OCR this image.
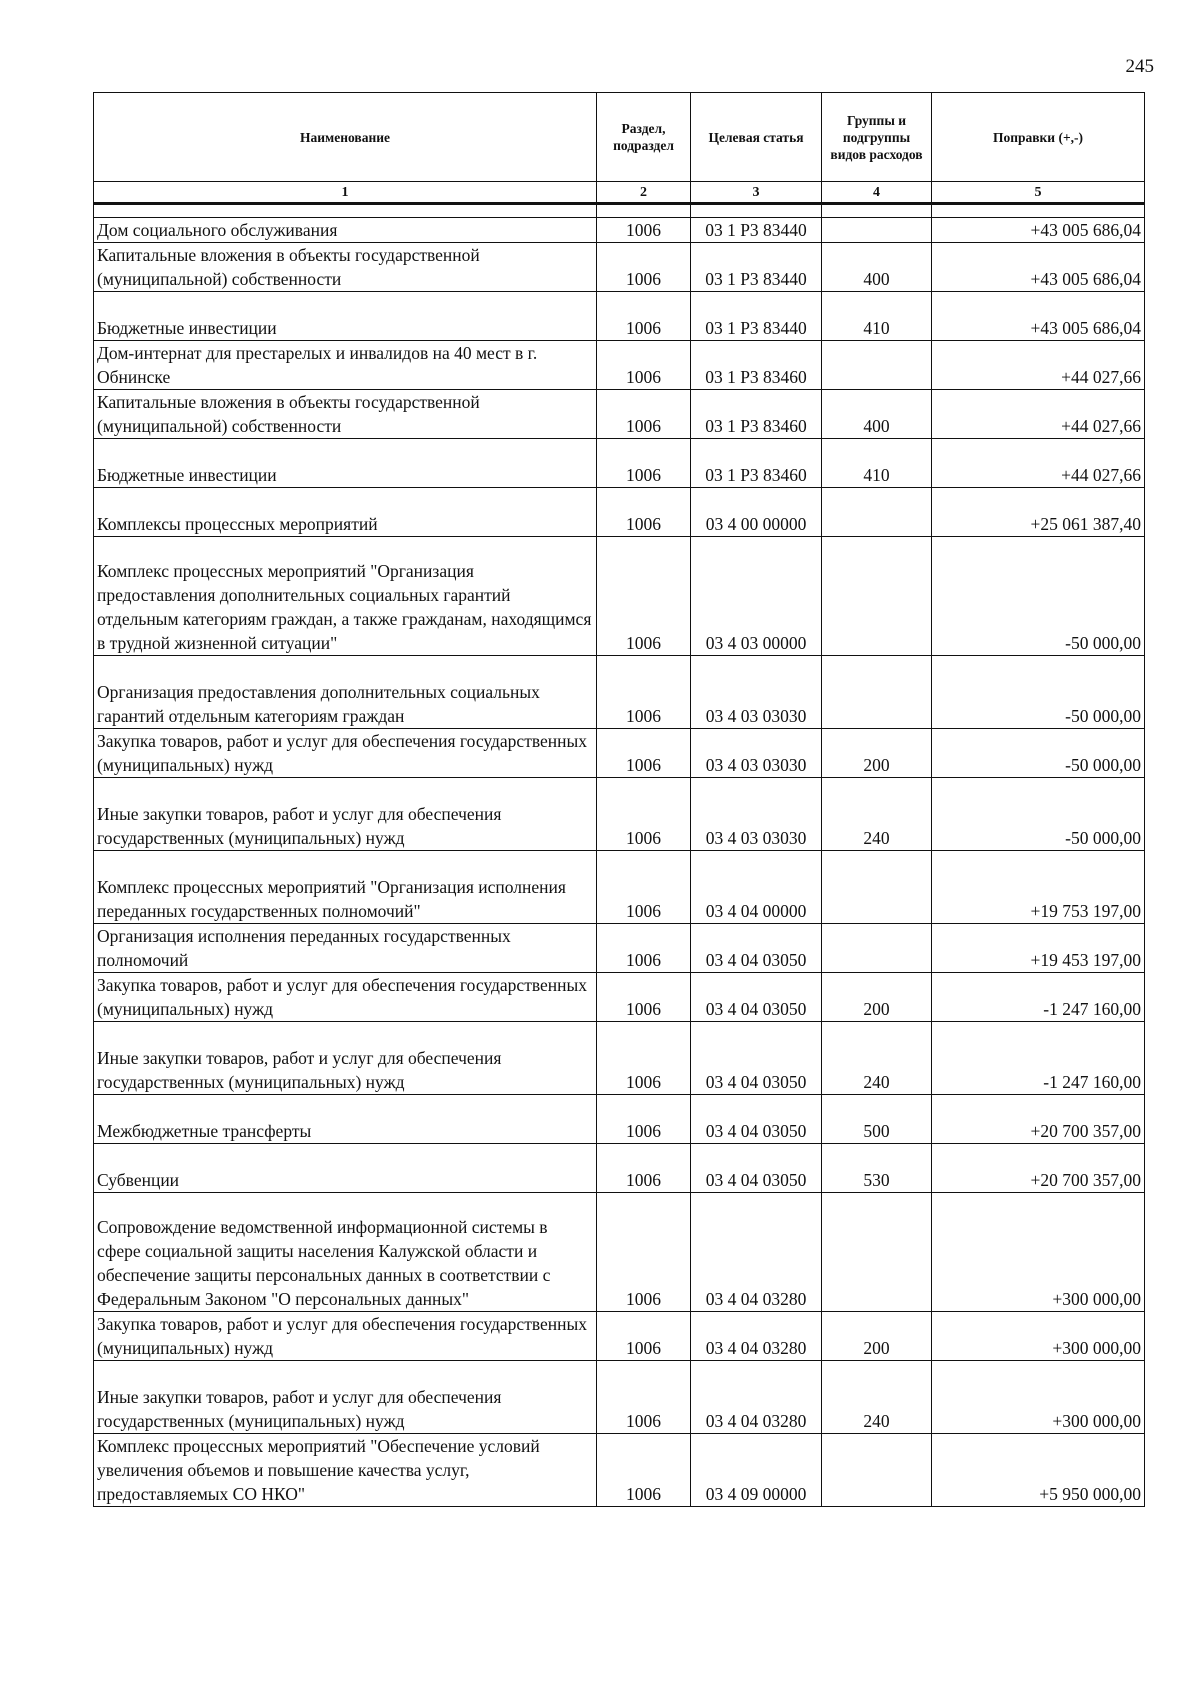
245
Наименование	Раздел, подраздел	Целевая статья	Группы и подгруппы видов расходов	Поправки (+,-)
1	2	3	4	5

Дом социального обслуживания	1006	03 1 Р3 83440		+43 005 686,04
Капитальные вложения в объекты государственной (муниципальной) собственности	1006	03 1 Р3 83440	400	+43 005 686,04
Бюджетные инвестиции	1006	03 1 Р3 83440	410	+43 005 686,04
Дом-интернат для престарелых и инвалидов на 40 мест в г. Обнинске	1006	03 1 Р3 83460		+44 027,66
Капитальные вложения в объекты государственной (муниципальной) собственности	1006	03 1 Р3 83460	400	+44 027,66
Бюджетные инвестиции	1006	03 1 Р3 83460	410	+44 027,66
Комплексы процессных мероприятий	1006	03 4 00 00000		+25 061 387,40
Комплекс процессных мероприятий "Организация предоставления дополнительных социальных гарантий отдельным категориям граждан, а также гражданам, находящимся в трудной жизненной ситуации"	1006	03 4 03 00000		-50 000,00
Организация предоставления дополнительных социальных гарантий отдельным категориям граждан	1006	03 4 03 03030		-50 000,00
Закупка товаров, работ и услуг для обеспечения государственных (муниципальных) нужд	1006	03 4 03 03030	200	-50 000,00
Иные закупки товаров, работ и услуг для обеспечения государственных (муниципальных) нужд	1006	03 4 03 03030	240	-50 000,00
Комплекс процессных мероприятий "Организация исполнения переданных государственных полномочий"	1006	03 4 04 00000		+19 753 197,00
Организация исполнения переданных государственных полномочий	1006	03 4 04 03050		+19 453 197,00
Закупка товаров, работ и услуг для обеспечения государственных (муниципальных) нужд	1006	03 4 04 03050	200	-1 247 160,00
Иные закупки товаров, работ и услуг для обеспечения государственных (муниципальных) нужд	1006	03 4 04 03050	240	-1 247 160,00
Межбюджетные трансферты	1006	03 4 04 03050	500	+20 700 357,00
Субвенции	1006	03 4 04 03050	530	+20 700 357,00
Сопровождение ведомственной информационной системы в сфере социальной защиты населения Калужской области и обеспечение защиты персональных данных в соответствии с Федеральным Законом "О персональных данных"	1006	03 4 04 03280		+300 000,00
Закупка товаров, работ и услуг для обеспечения государственных (муниципальных) нужд	1006	03 4 04 03280	200	+300 000,00
Иные закупки товаров, работ и услуг для обеспечения государственных (муниципальных) нужд	1006	03 4 04 03280	240	+300 000,00
Комплекс процессных мероприятий "Обеспечение условий увеличения объемов и повышение качества услуг, предоставляемых СО НКО"	1006	03 4 09 00000		+5 950 000,00
